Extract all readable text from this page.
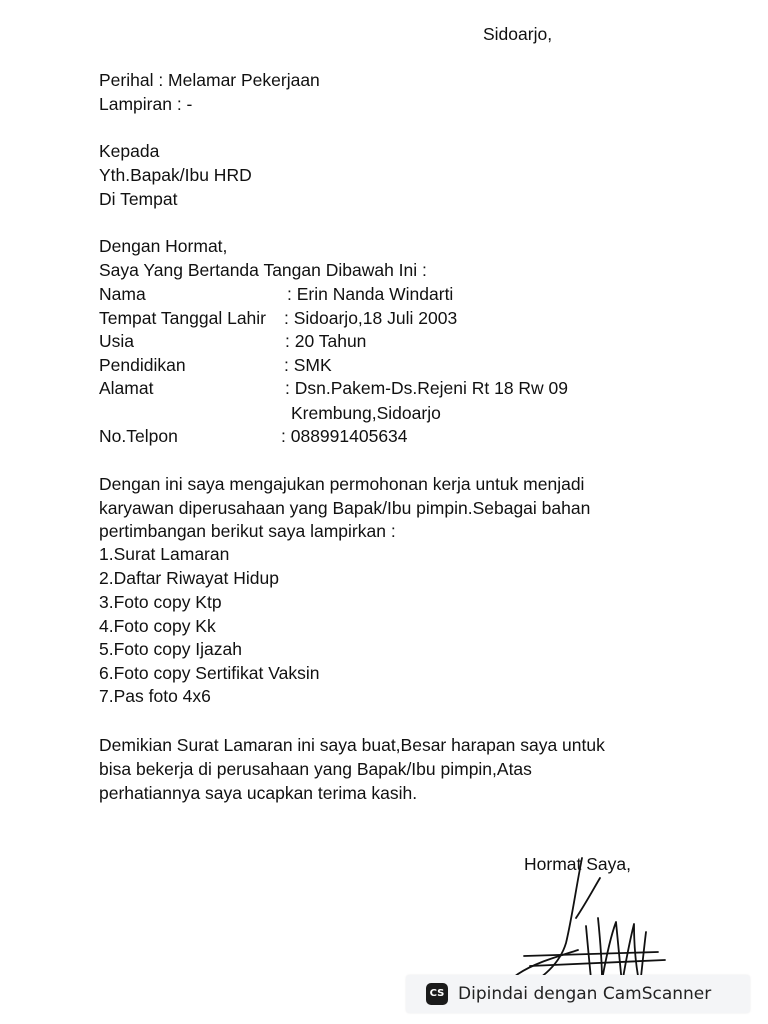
Sidoarjo,
Perihal : Melamar Pekerjaan
Lampiran : -
Kepada
Yth.Bapak/Ibu HRD
Di Tempat
Dengan Hormat,
Saya Yang Bertanda Tangan Dibawah Ini :
Nama	: Erin Nanda Windarti
Tempat Tanggal Lahir : Sidoarjo,18 Juli 2003
Usia	: 20 Tahun
Pendidikan	: SMK
Alamat	: Dsn.Pakem-Ds.Rejeni Rt 18 Rw 09
Krembung,Sidoarjo
No.Telpon	: 088991405634
Dengan ini saya mengajukan permohonan kerja untuk menjadi
karyawan diperusahaan yang Bapak/Ibu pimpin.Sebagai bahan
pertimbangan berikut saya lampirkan :
1.Surat Lamaran
2.Daftar Riwayat Hidup
3.Foto copy Ktp
4.Foto copy Kk
5.Foto copy Ijazah
6.Foto copy Sertifikat Vaksin
7.Pas foto 4x6
Demikian Surat Lamaran ini saya buat,Besar harapan saya untuk
bisa bekerja di perusahaan yang Bapak/Ibu pimpin,Atas
perhatiannya saya ucapkan terima kasih.
Hormat Saya,
CS Dipindai dengan CamScanner
